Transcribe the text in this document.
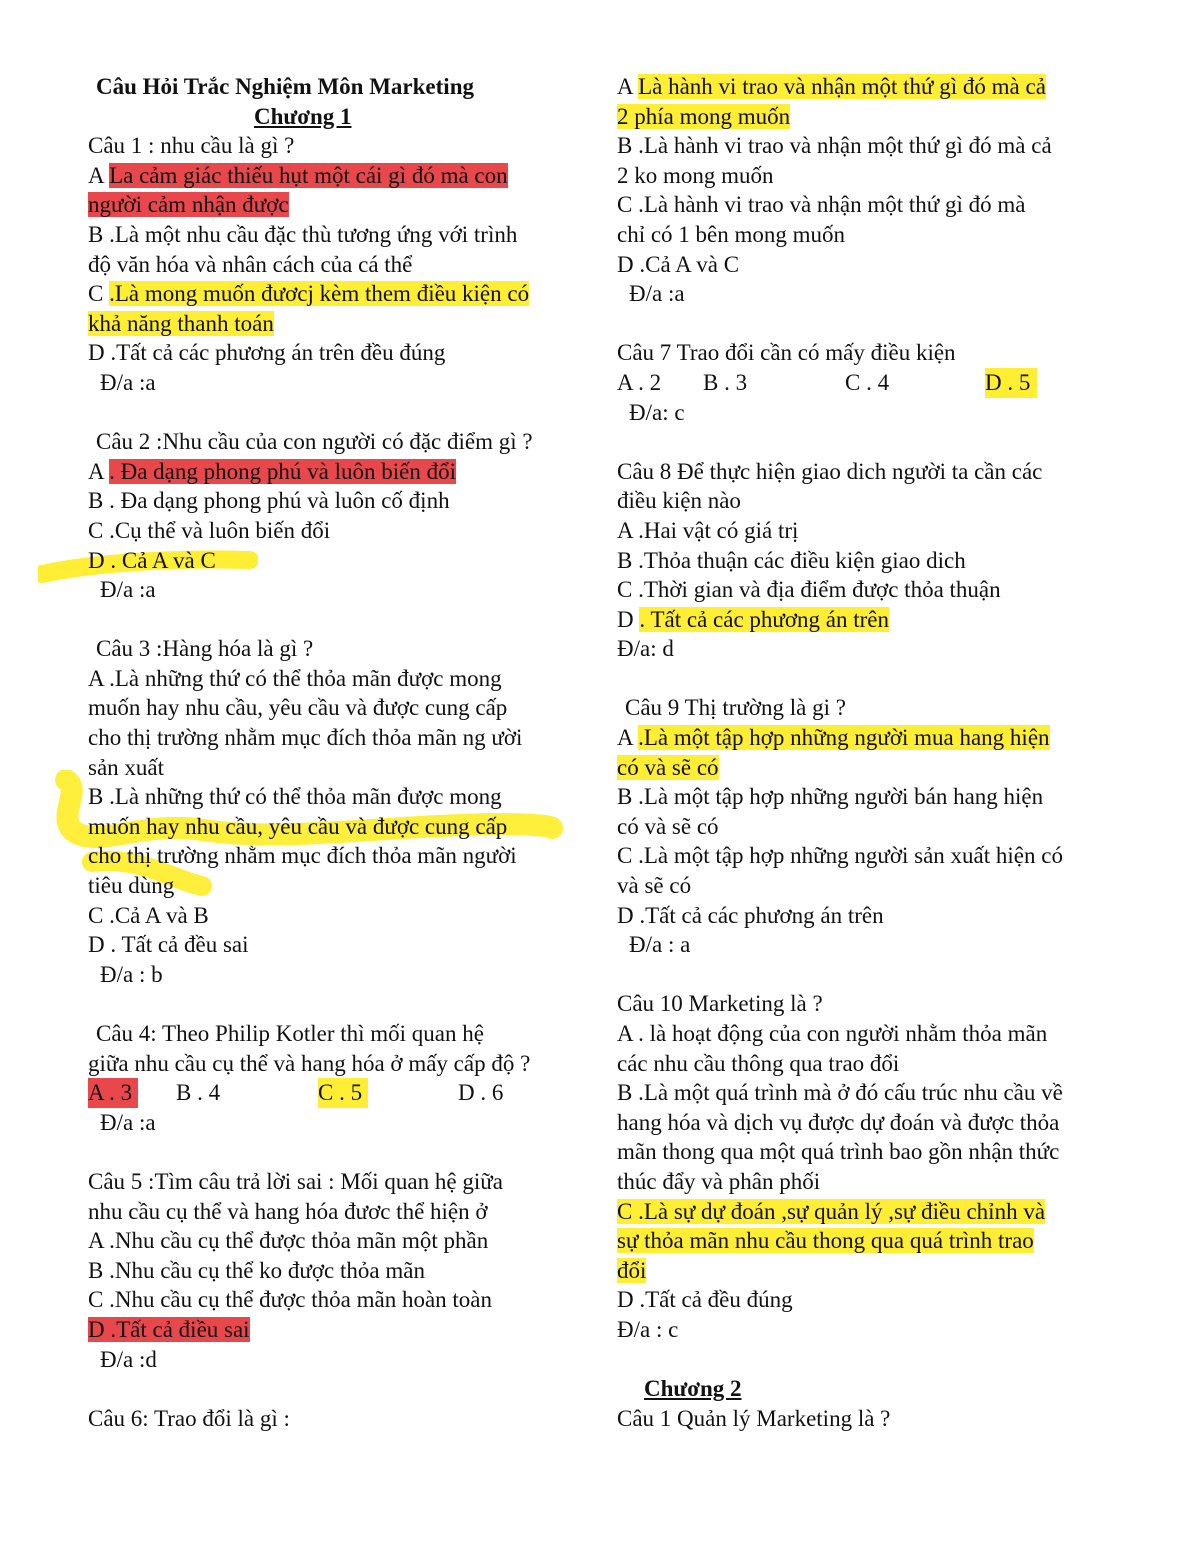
Câu Hỏi Trắc Nghiệm Môn Marketing
Chương 1
Câu 1 : nhu cầu là gì ?
A La cảm giác thiếu hụt một cái gì đó mà con
người cảm nhận được
B .Là một nhu cầu đặc thù tương ứng với trình
độ văn hóa và nhân cách của cá thể
C .Là mong muốn đươcj kèm them điều kiện có
khả năng thanh toán
D .Tất cả các phương án trên đều đúng
Đ/a :a
Câu 2 :Nhu cầu của con người có đặc điểm gì ?
A . Đa dạng phong phú và luôn biến đổi
B . Đa dạng phong phú và luôn cố định
C .Cụ thể và luôn biến đổi
D . Cả A và C
Đ/a :a
Câu 3 :Hàng hóa là gì ?
A .Là những thứ có thể thỏa mãn được mong
muốn hay nhu cầu, yêu cầu và được cung cấp
cho thị trường nhằm mục đích thỏa mãn ng ười
sản xuất
B .Là những thứ có thể thỏa mãn được mong
muốn hay nhu cầu, yêu cầu và được cung cấp
cho thị trường nhằm mục đích thỏa mãn người
tiêu dùng
C .Cả A và B
D . Tất cả đều sai
Đ/a : b
Câu 4: Theo Philip Kotler thì mối quan hệ
giữa nhu cầu cụ thể và hang hóa ở mấy cấp độ ?
A . 3 B . 4	C . 5	D . 6
Đ/a :a
Câu 5 :Tìm câu trả lời sai : Mối quan hệ giữa
nhu cầu cụ thể và hang hóa đươc thể hiện ở
A .Nhu cầu cụ thể được thỏa mãn một phần
B .Nhu cầu cụ thể ko được thỏa mãn
C .Nhu cầu cụ thể được thỏa mãn hoàn toàn
D .Tất cả điều sai
Đ/a :d
Câu 6: Trao đổi là gì :
A Là hành vi trao và nhận một thứ gì đó mà cả
2 phía mong muốn
B .Là hành vi trao và nhận một thứ gì đó mà cả
2 ko mong muốn
C .Là hành vi trao và nhận một thứ gì đó mà
chỉ có 1 bên mong muốn
D .Cả A và C
Đ/a :a
Câu 7 Trao đổi cần có mấy điều kiện
A . 2 B . 3	C . 4	D . 5
Đ/a: c
Câu 8 Để thực hiện giao dich người ta cần các
điều kiện nào
A .Hai vật có giá trị
B .Thỏa thuận các điều kiện giao dich
C .Thời gian và địa điểm được thỏa thuận
D . Tất cả các phương án trên
Đ/a: d
Câu 9 Thị trường là gi ?
A .Là một tập hợp những người mua hang hiện
có và sẽ có
B .Là một tập hợp những người bán hang hiện
có và sẽ có
C .Là một tập hợp những người sản xuất hiện có
và sẽ có
D .Tất cả các phương án trên
Đ/a : a
Câu 10 Marketing là ?
A . là hoạt động của con người nhằm thỏa mãn
các nhu cầu thông qua trao đổi
B .Là một quá trình mà ở đó cấu trúc nhu cầu về
hang hóa và dịch vụ được dự đoán và được thỏa
mãn thong qua một quá trình bao gồn nhận thức
thúc đẩy và phân phối
C .Là sự dự đoán ,sự quản lý ,sự điều chỉnh và
sự thỏa mãn nhu cầu thong qua quá trình trao
đổi
D .Tất cả đều đúng
Đ/a : c
Chương 2
Câu 1 Quản lý Marketing là ?
